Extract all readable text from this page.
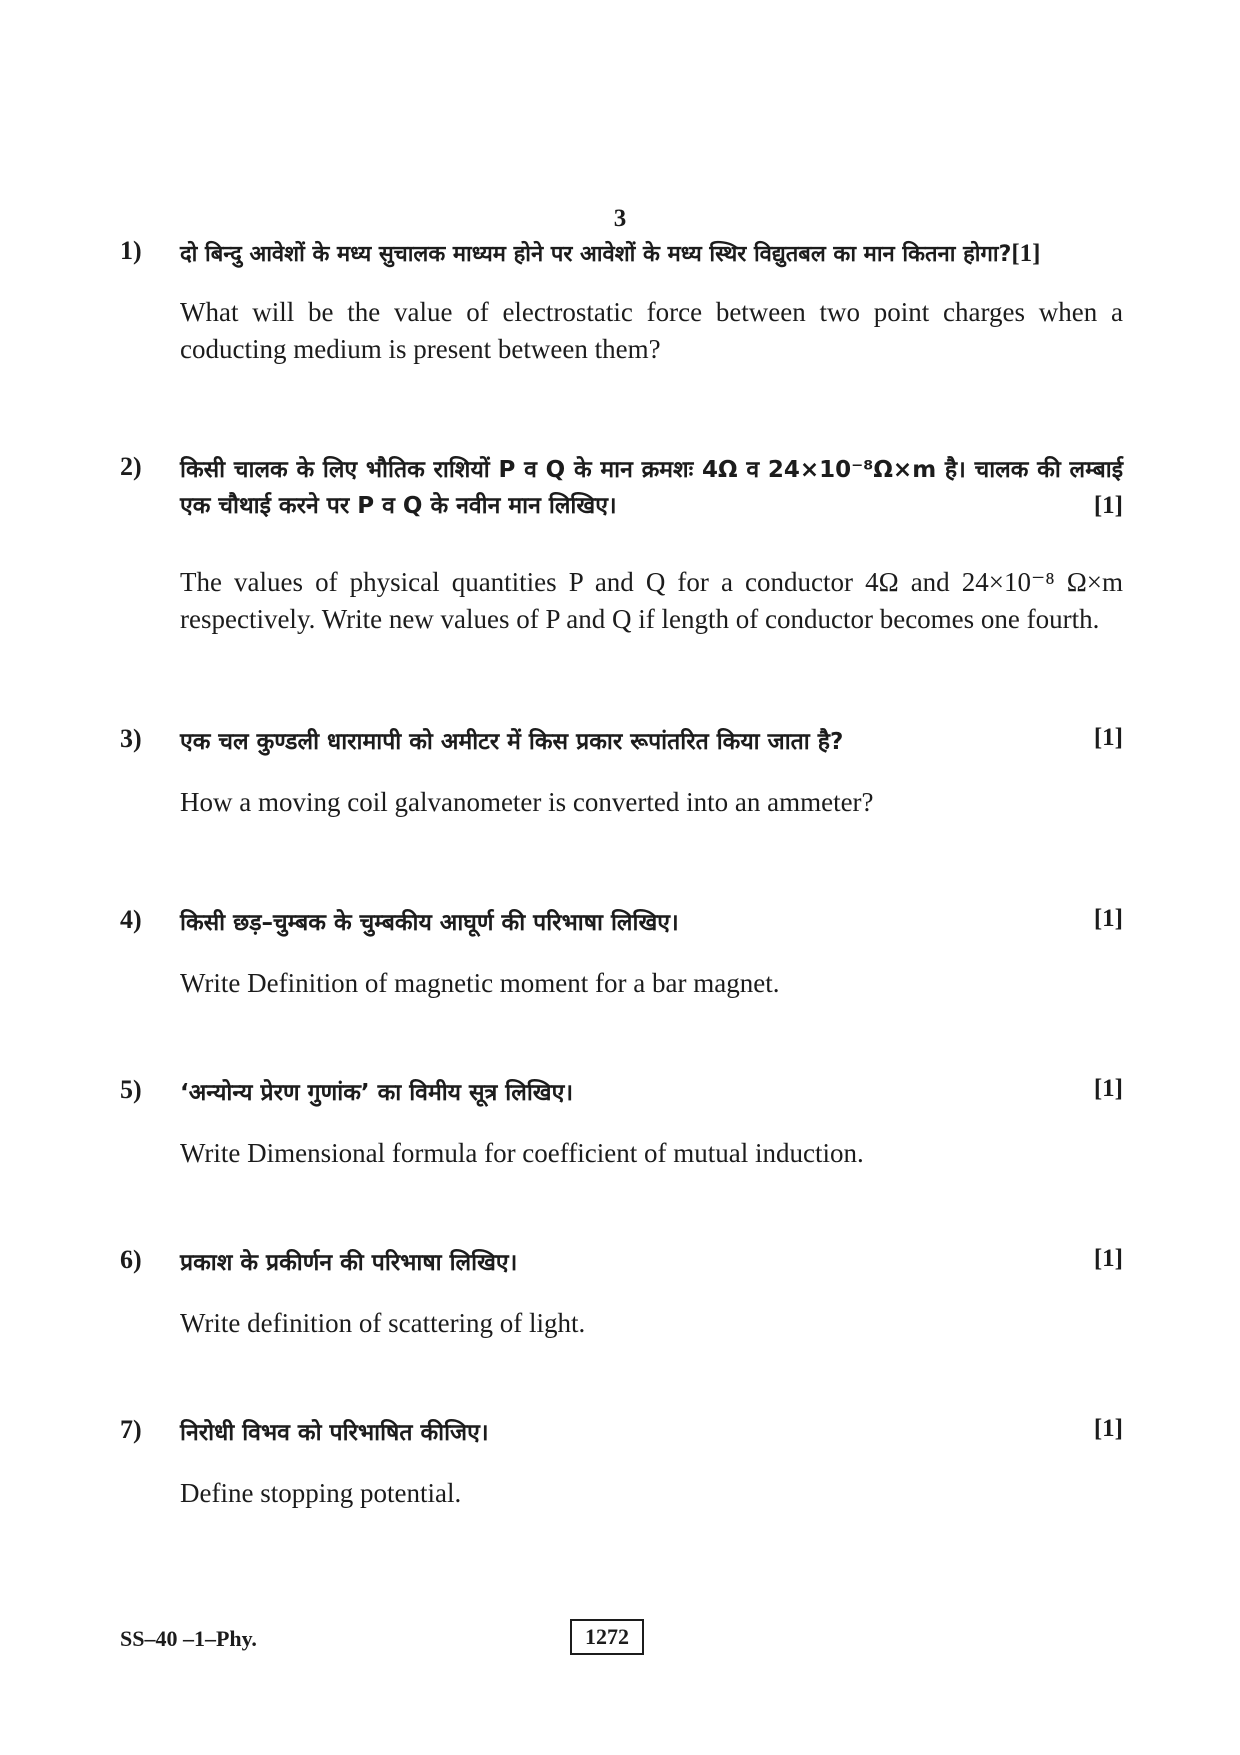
3
1) दो बिन्दु आवेशों के मध्य सुचालक माध्यम होने पर आवेशों के मध्य स्थिर विद्युतबल का मान कितना होगा?[1]
What will be the value of electrostatic force between two point charges when a coducting medium is present between them?
2) किसी चालक के लिए भौतिक राशियों P व Q के मान क्रमशः 4Ω व 24×10⁻⁸Ω×m है। चालक की लम्बाई एक चौथाई करने पर P व Q के नवीन मान लिखिए।	[1]
The values of physical quantities P and Q for a conductor 4Ω and 24×10⁻⁸ Ω×m respectively. Write new values of P and Q if length of conductor becomes one fourth.
3) एक चल कुण्डली धारामापी को अमीटर में किस प्रकार रूपांतरित किया जाता है?	[1]
How a moving coil galvanometer is converted into an ammeter?
4) किसी छड़–चुम्बक के चुम्बकीय आघूर्ण की परिभाषा लिखिए।	[1]
Write Definition of magnetic moment for a bar magnet.
5) ‘अन्योन्य प्रेरण गुणांक’ का विमीय सूत्र लिखिए।	[1]
Write Dimensional formula for coefficient of mutual induction.
6) प्रकाश के प्रकीर्णन की परिभाषा लिखिए।	[1]
Write definition of scattering of light.
7) निरोधी विभव को परिभाषित कीजिए।	[1]
Define stopping potential.
SS–40 –1–Phy.	1272
